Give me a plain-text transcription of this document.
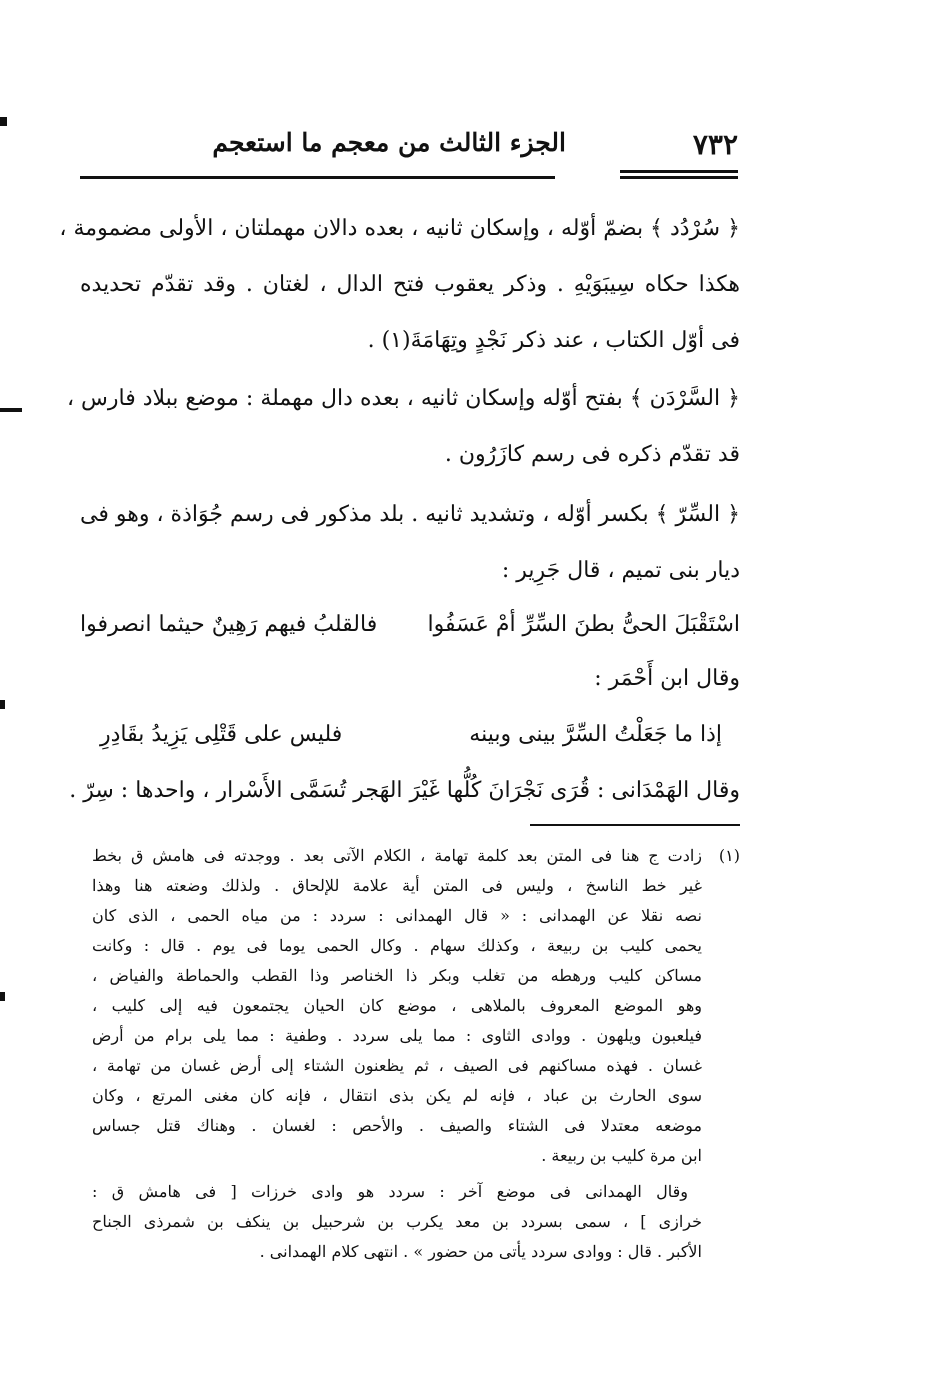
٧٣٢
الجزء الثالث من معجم ما استعجم
﴿ سُرْدُد ﴾ بضمّ أوّله ، وإسكان ثانيه ، بعده دالان مهملتان ، الأولى مضمومة ،
هكذا حكاه سِيبَوَيْهِ . وذكر يعقوب فتح الدال ، لغتان . وقد تقدّم تحديده
فى أوّل الكتاب ، عند ذكر نَجْدٍ وتِهَامَةَ(١) .
﴿ السَّرْدَن ﴾ بفتح أوّله وإسكان ثانيه ، بعده دال مهملة : موضع ببلاد فارس ،
قد تقدّم ذكره فى رسم كازَرُون .
﴿ السِّرّ ﴾ بكسر أوّله ، وتشديد ثانيه . بلد مذكور فى رسم جُوَاذة ، وهو فى
ديار بنى تميم ، قال جَرِير :
اسْتَقْبَلَ الحىُّ بطنَ السِّرِّ أمْ عَسَفُوا
فالقلبُ فيهم رَهِينٌ حيثما انصرفوا
وقال ابن أَحْمَر :
إذا ما جَعَلْتُ السِّرَّ بينى وبينه
فليس على قَتْلِى يَزِيدُ بقَادِرِ
وقال الهَمْدَانى : قُرَى نَجْرَانَ كُلُّها غَيْرَ الهَجر تُسَمَّى الأَسْرار ، واحدها : سِرّ .
(١)
زادت ج هنا فى المتن بعد كلمة تهامة ، الكلام الآتى بعد . ووجدته فى هامش ق بخط
غير خط الناسخ ، وليس فى المتن أية علامة للإلحاق . ولذلك وضعته هنا وهذا
نصه نقلا عن الهمدانى : « قال الهمدانى : سردد : من مياه الحمى ، الذى كان
يحمى كليب بن ربيعة ، وكذلك سهام . وكال الحمى يوما فى يوم . قال : وكانت
مساكن كليب ورهطه من تغلب وبكر ذا الخناصر وذا القطب والحماطة والفياض ،
وهو الموضع المعروف بالملاهى ، موضع كان الحيان يجتمعون فيه إلى كليب ،
فيلعبون ويلهون . ووادى الثاوى : مما يلى سردد . وطفية : مما يلى برام من أرض
غسان . فهذه مساكنهم فى الصيف ، ثم يظعنون الشتاء إلى أرض غسان من تهامة ،
سوى الحارث بن عباد ، فإنه لم يكن بذى انتقال ، فإنه كان مغنى المرتع ، وكان
موضعه معتدلا فى الشتاء والصيف . والأحص : لغسان . وهناك قتل جساس
ابن مرة كليب بن ربيعة .
وقال الهمدانى فى موضع آخر : سردد هو وادى خرزات [ فى هامش ق :
خرازى ] ، سمى بسردد بن معد يكرب بن شرحبيل بن ينكف بن شمرذى الجناح
الأكبر . قال : ووادى سردد يأتى من حضور » . انتهى كلام الهمدانى .
